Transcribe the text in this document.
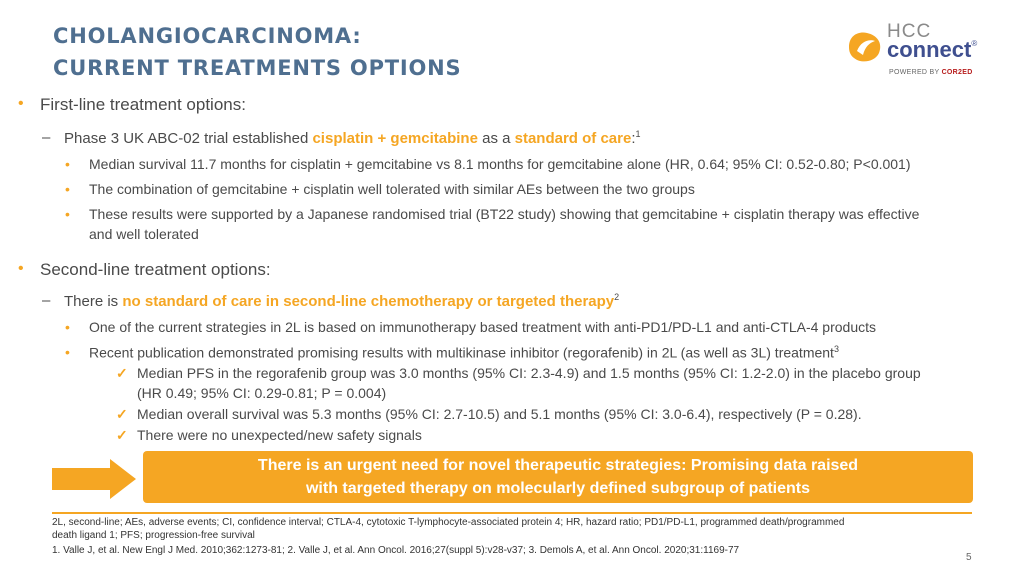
CHOLANGIOCARCINOMA:
CURRENT TREATMENTS OPTIONS
HCC
connect®
POWERED BY COR2ED
• First-line treatment options:
– Phase 3 UK ABC-02 trial established cisplatin + gemcitabine as a standard of care:$^1$
• Median survival 11.7 months for cisplatin + gemcitabine vs 8.1 months for gemcitabine alone (HR, 0.64; 95% CI: 0.52-0.80; P<0.001)
• The combination of gemcitabine + cisplatin well tolerated with similar AEs between the two groups
• These results were supported by a Japanese randomised trial (BT22 study) showing that gemcitabine + cisplatin therapy was effective
and well tolerated
• Second-line treatment options:
– There is no standard of care in second-line chemotherapy or targeted therapy$^2$
• One of the current strategies in 2L is based on immunotherapy based treatment with anti-PD1/PD-L1 and anti-CTLA-4 products
• Recent publication demonstrated promising results with multikinase inhibitor (regorafenib) in 2L (as well as 3L) treatment$^3$
✓ Median PFS in the regorafenib group was 3.0 months (95% CI: 2.3-4.9) and 1.5 months (95% CI: 1.2-2.0) in the placebo group
(HR 0.49; 95% CI: 0.29-0.81; P = 0.004)
✓ Median overall survival was 5.3 months (95% CI: 2.7-10.5) and 5.1 months (95% CI: 3.0-6.4), respectively (P = 0.28).
✓ There were no unexpected/new safety signals
There is an urgent need for novel therapeutic strategies: Promising data raised
with targeted therapy on molecularly defined subgroup of patients
2L, second-line; AEs, adverse events; CI, confidence interval; CTLA-4, cytotoxic T-lymphocyte-associated protein 4; HR, hazard ratio; PD1/PD-L1, programmed death/programmed
death ligand 1; PFS; progression-free survival
1. Valle J, et al. New Engl J Med. 2010;362:1273-81; 2. Valle J, et al. Ann Oncol. 2016;27(suppl 5):v28-v37; 3. Demols A, et al. Ann Oncol. 2020;31:1169-77
5
